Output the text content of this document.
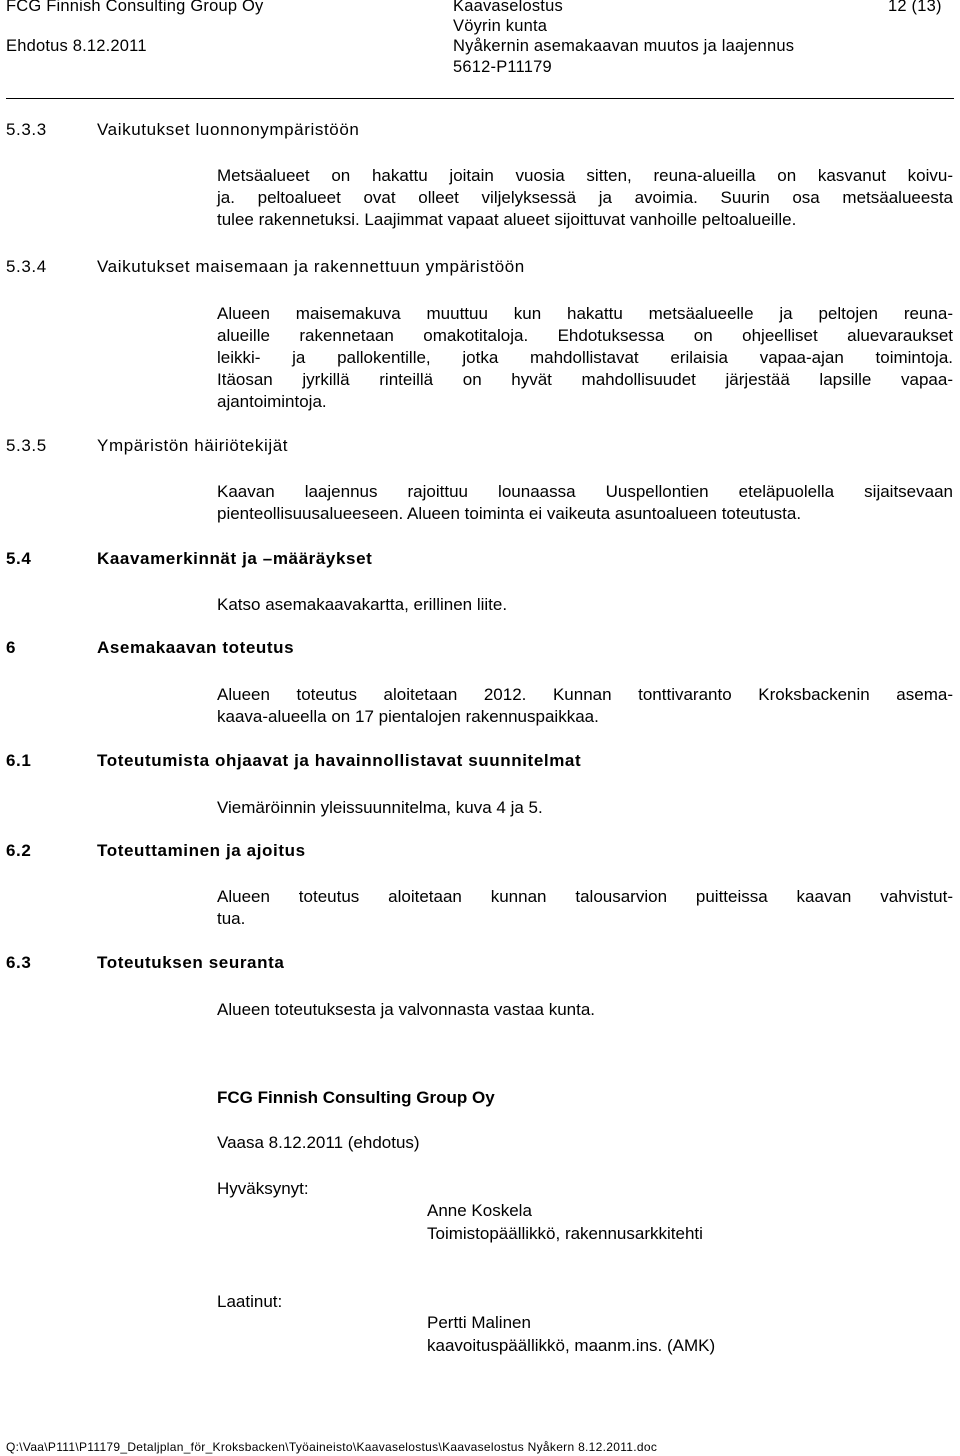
FCG Finnish Consulting Group Oy
Ehdotus 8.12.2011
Kaavaselostus
Vöyrin kunta
Nyåkernin asemakaavan muutos ja laajennus
5612-P11179
12 (13)
5.3.3	Vaikutukset luonnonympäristöön
Metsäalueet on hakattu joitain vuosia sitten, reuna-alueilla on kasvanut koivu-
ja. peltoalueet ovat olleet viljelyksessä ja avoimia. Suurin osa metsäalueesta
tulee rakennetuksi. Laajimmat vapaat alueet sijoittuvat vanhoille peltoalueille.
5.3.4	Vaikutukset maisemaan ja rakennettuun ympäristöön
Alueen maisemakuva muuttuu kun hakattu metsäalueelle ja peltojen reuna-
alueille rakennetaan omakotitaloja. Ehdotuksessa on ohjeelliset aluevaraukset
leikki- ja pallokentille, jotka mahdollistavat erilaisia vapaa-ajan toimintoja.
Itäosan jyrkillä rinteillä on hyvät mahdollisuudet järjestää lapsille vapaa-
ajantoimintoja.
5.3.5	Ympäristön häiriötekijät
Kaavan laajennus rajoittuu lounaassa Uuspellontien eteläpuolella sijaitsevaan
pienteollisuusalueeseen. Alueen toiminta ei vaikeuta asuntoalueen toteutusta.
5.4	Kaavamerkinnät ja –määräykset
Katso asemakaavakartta, erillinen liite.
6	Asemakaavan toteutus
Alueen toteutus aloitetaan 2012. Kunnan tonttivaranto Kroksbackenin asema-
kaava-alueella on 17 pientalojen rakennuspaikkaa.
6.1	Toteutumista ohjaavat ja havainnollistavat suunnitelmat
Viemäröinnin yleissuunnitelma, kuva 4 ja 5.
6.2	Toteuttaminen ja ajoitus
Alueen toteutus aloitetaan kunnan talousarvion puitteissa kaavan vahvistut-
tua.
6.3	Toteutuksen seuranta
Alueen toteutuksesta ja valvonnasta vastaa kunta.
FCG Finnish Consulting Group Oy
Vaasa 8.12.2011 (ehdotus)
Hyväksynyt:
Anne Koskela
Toimistopäällikkö, rakennusarkkitehti
Laatinut:
Pertti Malinen
kaavoituspäällikkö, maanm.ins. (AMK)
Q:\Vaa\P111\P11179_Detaljplan_för_Kroksbacken\Työaineisto\Kaavaselostus\Kaavaselostus Nyåkern 8.12.2011.doc
